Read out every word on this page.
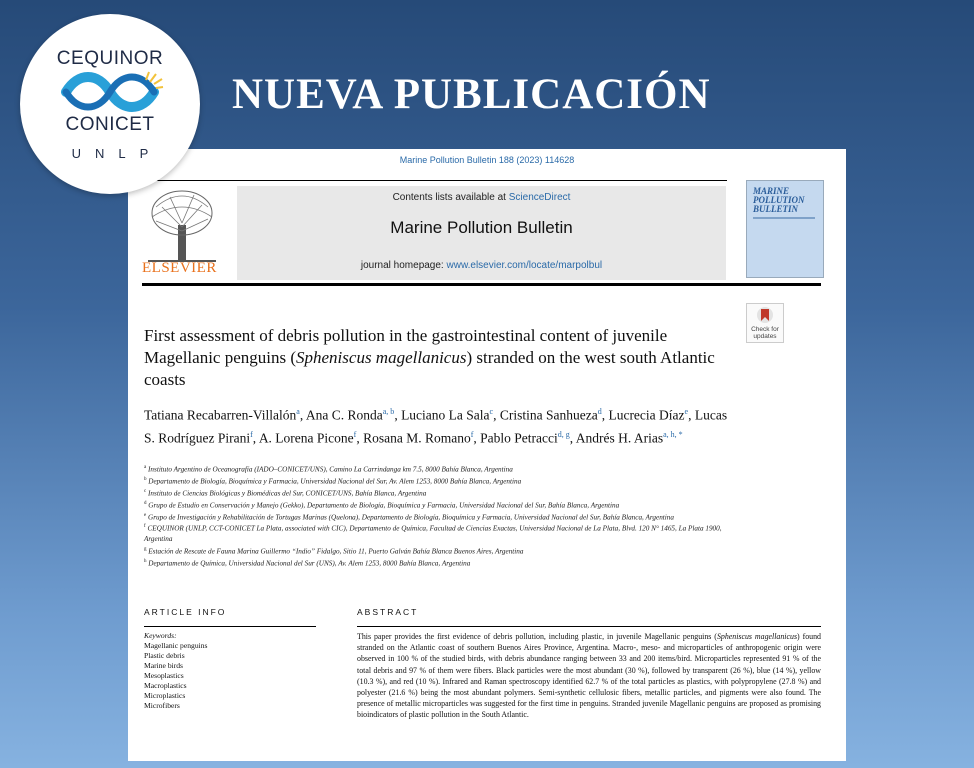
CEQUINOR
CONICET
UNLP
NUEVA PUBLICACIÓN
Marine Pollution Bulletin 188 (2023) 114628
ELSEVIER
Contents lists available at ScienceDirect
Marine Pollution Bulletin
journal homepage: www.elsevier.com/locate/marpolbul
MARINE
POLLUTION
BULLETIN
Check for updates
First assessment of debris pollution in the gastrointestinal content of juvenile Magellanic penguins (Spheniscus magellanicus) stranded on the west south Atlantic coasts
Tatiana Recabarren-Villalón$^a$, Ana C. Ronda$^{a, b}$, Luciano La Sala$^c$, Cristina Sanhueza$^d$, Lucrecia Díaz$^e$, Lucas S. Rodríguez Pirani$^f$, A. Lorena Picone$^f$, Rosana M. Romano$^f$, Pablo Petracci$^{d, g}$, Andrés H. Arias$^{a, h, *}$
$^a$ Instituto Argentino de Oceanografía (IADO–CONICET/UNS), Camino La Carrindanga km 7.5, 8000 Bahía Blanca, Argentina
$^b$ Departamento de Biología, Bioquímica y Farmacia, Universidad Nacional del Sur, Av. Alem 1253, 8000 Bahía Blanca, Argentina
$^c$ Instituto de Ciencias Biológicas y Biomédicas del Sur, CONICET/UNS, Bahía Blanca, Argentina
$^d$ Grupo de Estudio en Conservación y Manejo (Gekko), Departamento de Biología, Bioquímica y Farmacia, Universidad Nacional del Sur, Bahía Blanca, Argentina
$^e$ Grupo de Investigación y Rehabilitación de Tortugas Marinas (Quelona), Departamento de Biología, Bioquímica y Farmacia, Universidad Nacional del Sur, Bahía Blanca, Argentina
$^f$ CEQUINOR (UNLP, CCT-CONICET La Plata, associated with CIC), Departamento de Química, Facultad de Ciencias Exactas, Universidad Nacional de La Plata, Blvd. 120 N° 1465, La Plata 1900, Argentina
$^g$ Estación de Rescate de Fauna Marina Guillermo “Indio” Fidalgo, Sitio 11, Puerto Galván Bahía Blanca Buenos Aires, Argentina
$^h$ Departamento de Química, Universidad Nacional del Sur (UNS), Av. Alem 1253, 8000 Bahía Blanca, Argentina
ARTICLE INFO	ABSTRACT
Keywords:
Magellanic penguins
Plastic debris
Marine birds
Mesoplastics
Macroplastics
Microplastics
Microfibers
This paper provides the first evidence of debris pollution, including plastic, in juvenile Magellanic penguins (Spheniscus magellanicus) found stranded on the Atlantic coast of southern Buenos Aires Province, Argentina. Macro-, meso- and microparticles of anthropogenic origin were observed in 100 % of the studied birds, with debris abundance ranging between 33 and 200 items/bird. Microparticles represented 91 % of the total debris and 97 % of them were fibers. Black particles were the most abundant (30 %), followed by transparent (26 %), blue (14 %), yellow (10.3 %), and red (10 %). Infrared and Raman spectroscopy identified 62.7 % of the total particles as plastics, with polypropylene (27.8 %) and polyester (21.6 %) being the most abundant polymers. Semi-synthetic cellulosic fibers, metallic particles, and pigments were also found. The presence of metallic microparticles was suggested for the first time in penguins. Stranded juvenile Magellanic penguins are proposed as promising bioindicators of plastic pollution in the South Atlantic.
